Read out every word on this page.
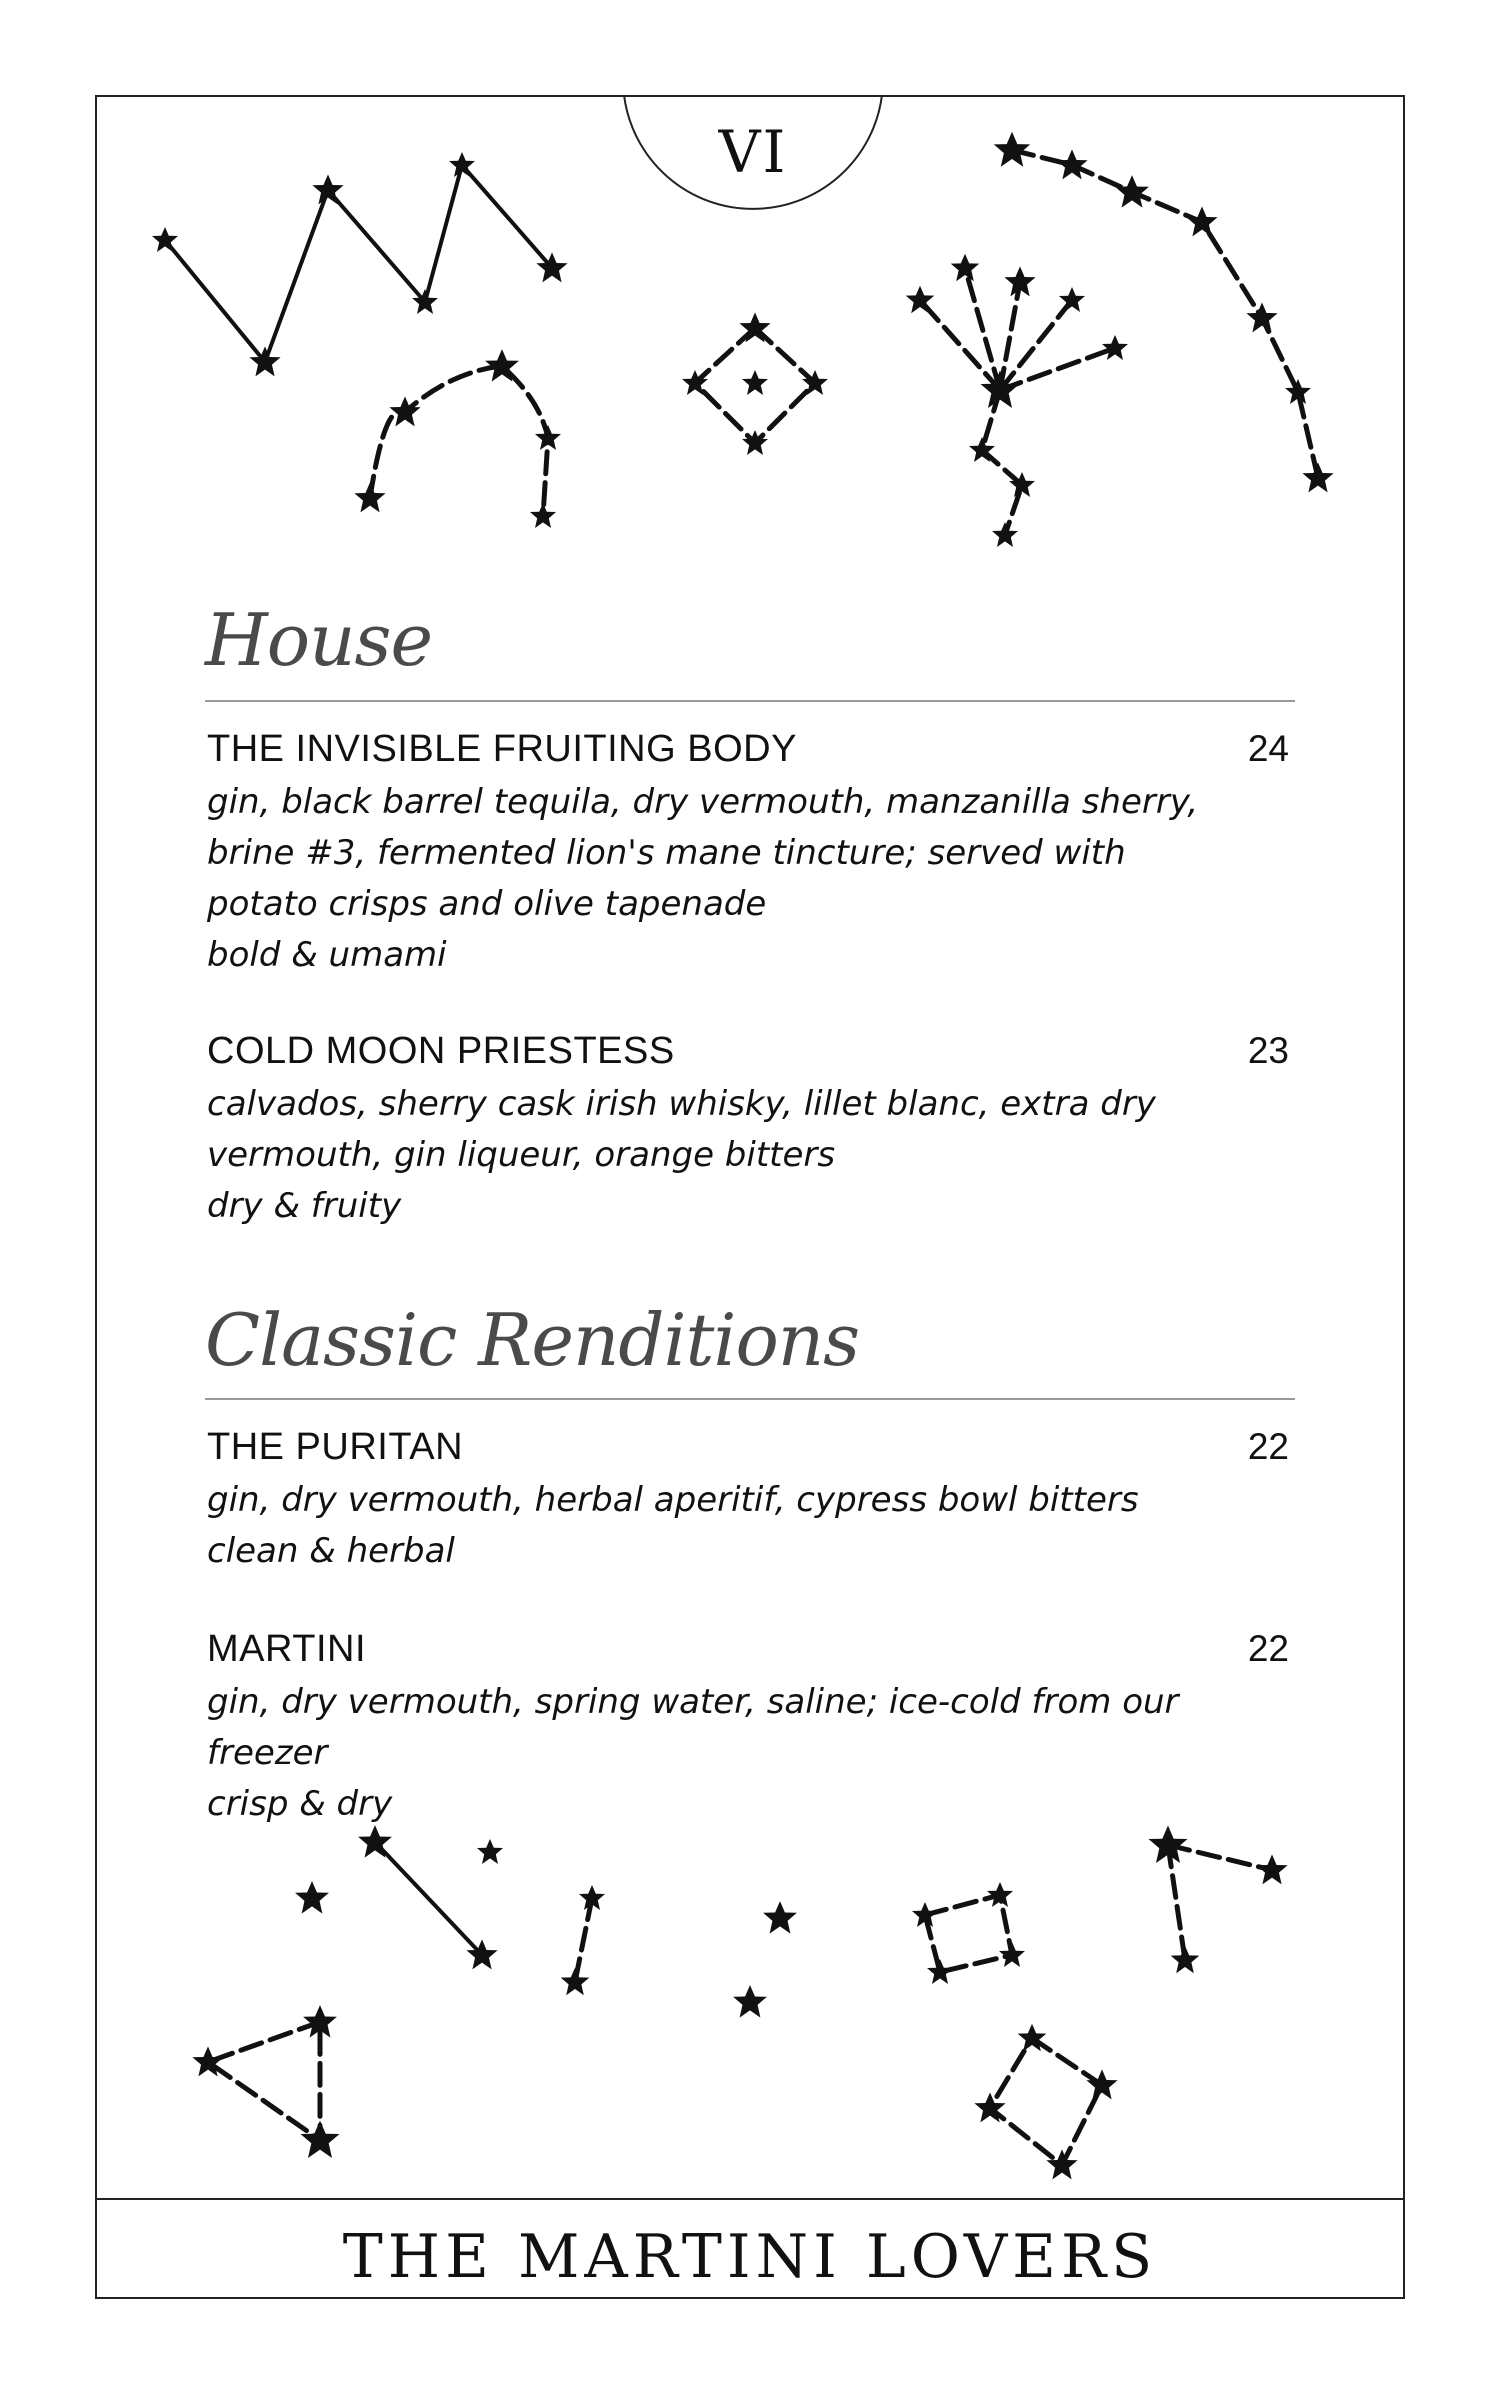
VI
House
THE INVISIBLE FRUITING BODY	24
gin, black barrel tequila, dry vermouth, manzanilla sherry, brine #3, fermented lion's mane tincture; served with potato crisps and olive tapenade
bold & umami
COLD MOON PRIESTESS	23
calvados, sherry cask irish whisky, lillet blanc, extra dry vermouth, gin liqueur, orange bitters
dry & fruity
Classic Renditions
THE PURITAN	22
gin, dry vermouth, herbal aperitif, cypress bowl bitters
clean & herbal
MARTINI	22
gin, dry vermouth, spring water, saline; ice-cold from our freezer
crisp & dry
THE MARTINI LOVERS
